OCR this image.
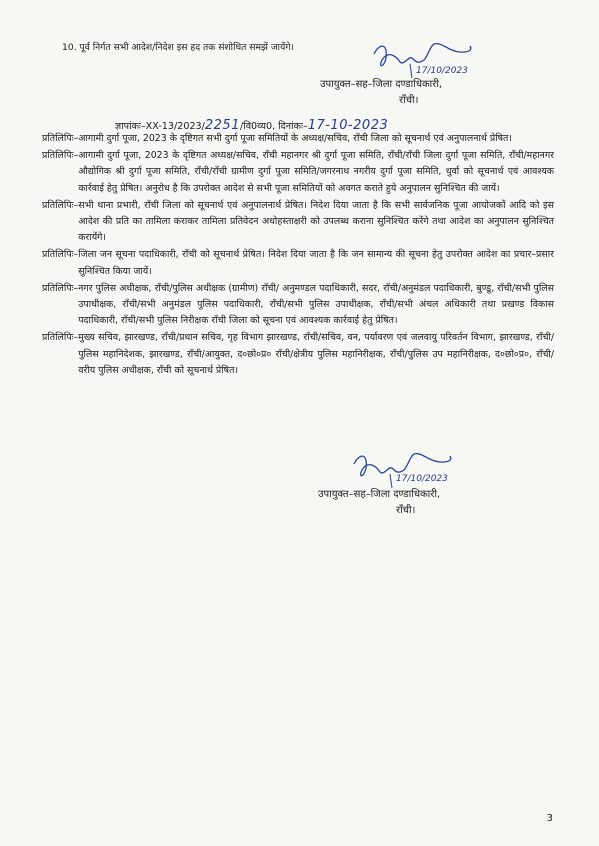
10. पूर्व निर्गत सभी आदेश/निदेश इस हद तक संशोधित समझें जायेंगे।
17/10/2023
उपायुक्त–सह–जिला दण्डाधिकारी,
राँची।
ज्ञापांकः–XX-13/2023/2251/वि0व्य0, दिनांकः–17-10-2023
प्रतिलिपिः– आगामी दुर्गा पूजा, 2023 के दृष्टिगत सभी दुर्गा पूजा समितियों के अध्यक्ष/सचिव, राँची जिला को सूचनार्थ एवं अनुपालनार्थ प्रेषित।
प्रतिलिपिः– आगामी दुर्गा पूजा, 2023 के दृष्टिगत अध्यक्ष/सचिव, राँची महानगर श्री दुर्गा पूजा समिति, राँची/राँची जिला दुर्गा पूजा समिति, राँची/महानगर औद्योगिक श्री दुर्गा पूजा समिति, राँची/राँची ग्रामीण दुर्गा पूजा समिति/जगरनाथ नगरीय दुर्गा पूजा समिति, धुर्वा को सूचनार्थ एवं आवश्यक कार्रवाई हेतु प्रेषित। अनुरोध है कि उपरोक्त आदेश से सभी पूजा समितियों को अवगत कराते हुये अनुपालन सुनिश्चित की जायें।
प्रतिलिपिः– सभी थाना प्रभारी, राँची जिला को सूचनार्थ एवं अनुपालनार्थ प्रेषित। निदेश दिया जाता है कि सभी सार्वजनिक पूजा आयोजकों आदि को इस आदेश की प्रति का तामिला कराकर तामिला प्रतिवेदन अधोहस्ताक्षरी को उपलब्ध कराना सुनिश्चित करेंगे तथा आदेश का अनुपालन सुनिश्चित करायेंगे।
प्रतिलिपिः– जिला जन सूचना पदाधिकारी, राँची को सूचनार्थ प्रेषित। निदेश दिया जाता है कि जन सामान्य की सूचना हेतु उपरोक्त आदेश का प्रचार–प्रसार सुनिश्चित किया जायें।
प्रतिलिपिः– नगर पुलिस अधीक्षक, राँची/पुलिस अधीक्षक (ग्रामीण) राँची/ अनुमण्डल पदाधिकारी, सदर, राँची/अनुमंडल पदाधिकारी, बुण्डू, राँची/सभी पुलिस उपाधीक्षक, राँची/सभी अनुमंडल पुलिस पदाधिकारी, राँची/सभी पुलिस उपाधीक्षक, राँची/सभी अंचल अधिकारी तथा प्रखण्ड विकास पदाधिकारी, राँची/सभी पुलिस निरीक्षक राँची जिला को सूचना एवं आवश्यक कार्रवाई हेतु प्रेषित।
प्रतिलिपिः– मुख्य सचिव, झारखण्ड, राँची/प्रधान सचिव, गृह विभाग झारखण्ड, राँची/सचिव, वन, पर्यावरण एवं जलवायु परिवर्तन विभाग, झारखण्ड, राँची/पुलिस महानिदेशक, झारखण्ड, राँची/आयुक्त, द०छो०प्र० राँची/क्षेत्रीय पुलिस महानिरीक्षक, राँची/पुलिस उप महानिरीक्षक, द०छो०प्र०, राँची/वरीय पुलिस अधीक्षक, राँची को सूचनार्थ प्रेषित।
17/10/2023
उपायुक्त–सह–जिला दण्डाधिकारी,
राँची।
3
